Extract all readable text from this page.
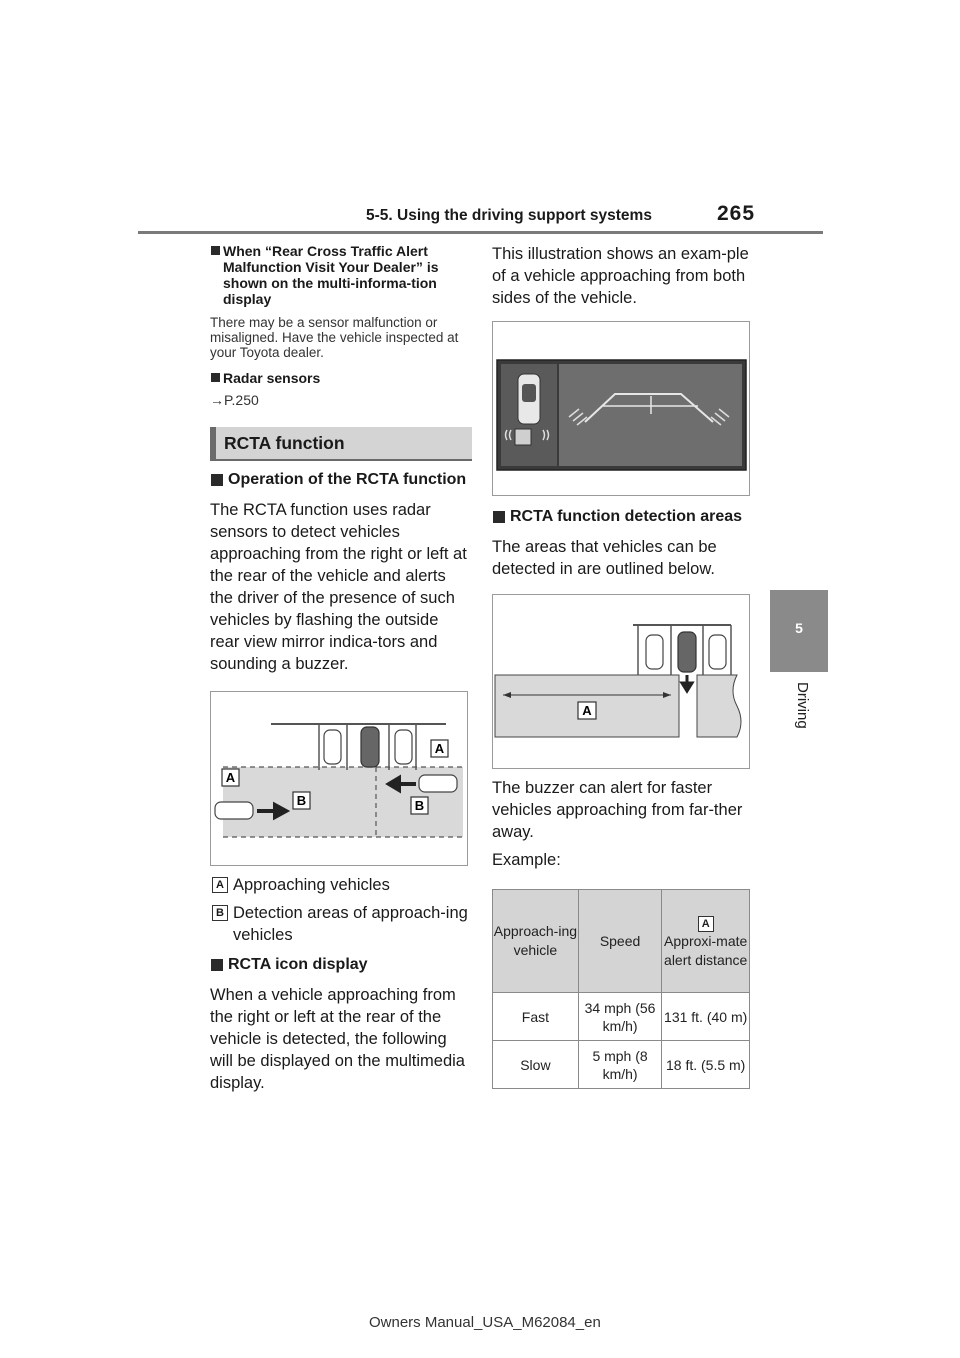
5-5. Using the driving support systems	265
5
Driving
When “Rear Cross Traffic Alert Malfunction Visit Your Dealer” is shown on the multi-informa-tion display
There may be a sensor malfunction or misaligned. Have the vehicle inspected at your Toyota dealer.
Radar sensors
→P.250
RCTA function
Operation of the RCTA function
The RCTA function uses radar sensors to detect vehicles approaching from the right or left at the rear of the vehicle and alerts the driver of the presence of such vehicles by flashing the outside rear view mirror indica-tors and sounding a buzzer.
A
A
B	B
A Approaching vehicles
B Detection areas of approach-ing vehicles
RCTA icon display
When a vehicle approaching from the right or left at the rear of the vehicle is detected, the following will be displayed on the multimedia display.
This illustration shows an exam-ple of a vehicle approaching from both sides of the vehicle.
RCTA function detection areas
The areas that vehicles can be detected in are outlined below.
A
The buzzer can alert for faster vehicles approaching from far-ther away.
Example:
Approach-ing vehicle	Speed	A
Approxi-mate alert distance
Fast	34 mph (56 km/h)	131 ft. (40 m)
Slow	5 mph (8 km/h)	18 ft. (5.5 m)
Owners Manual_USA_M62084_en
